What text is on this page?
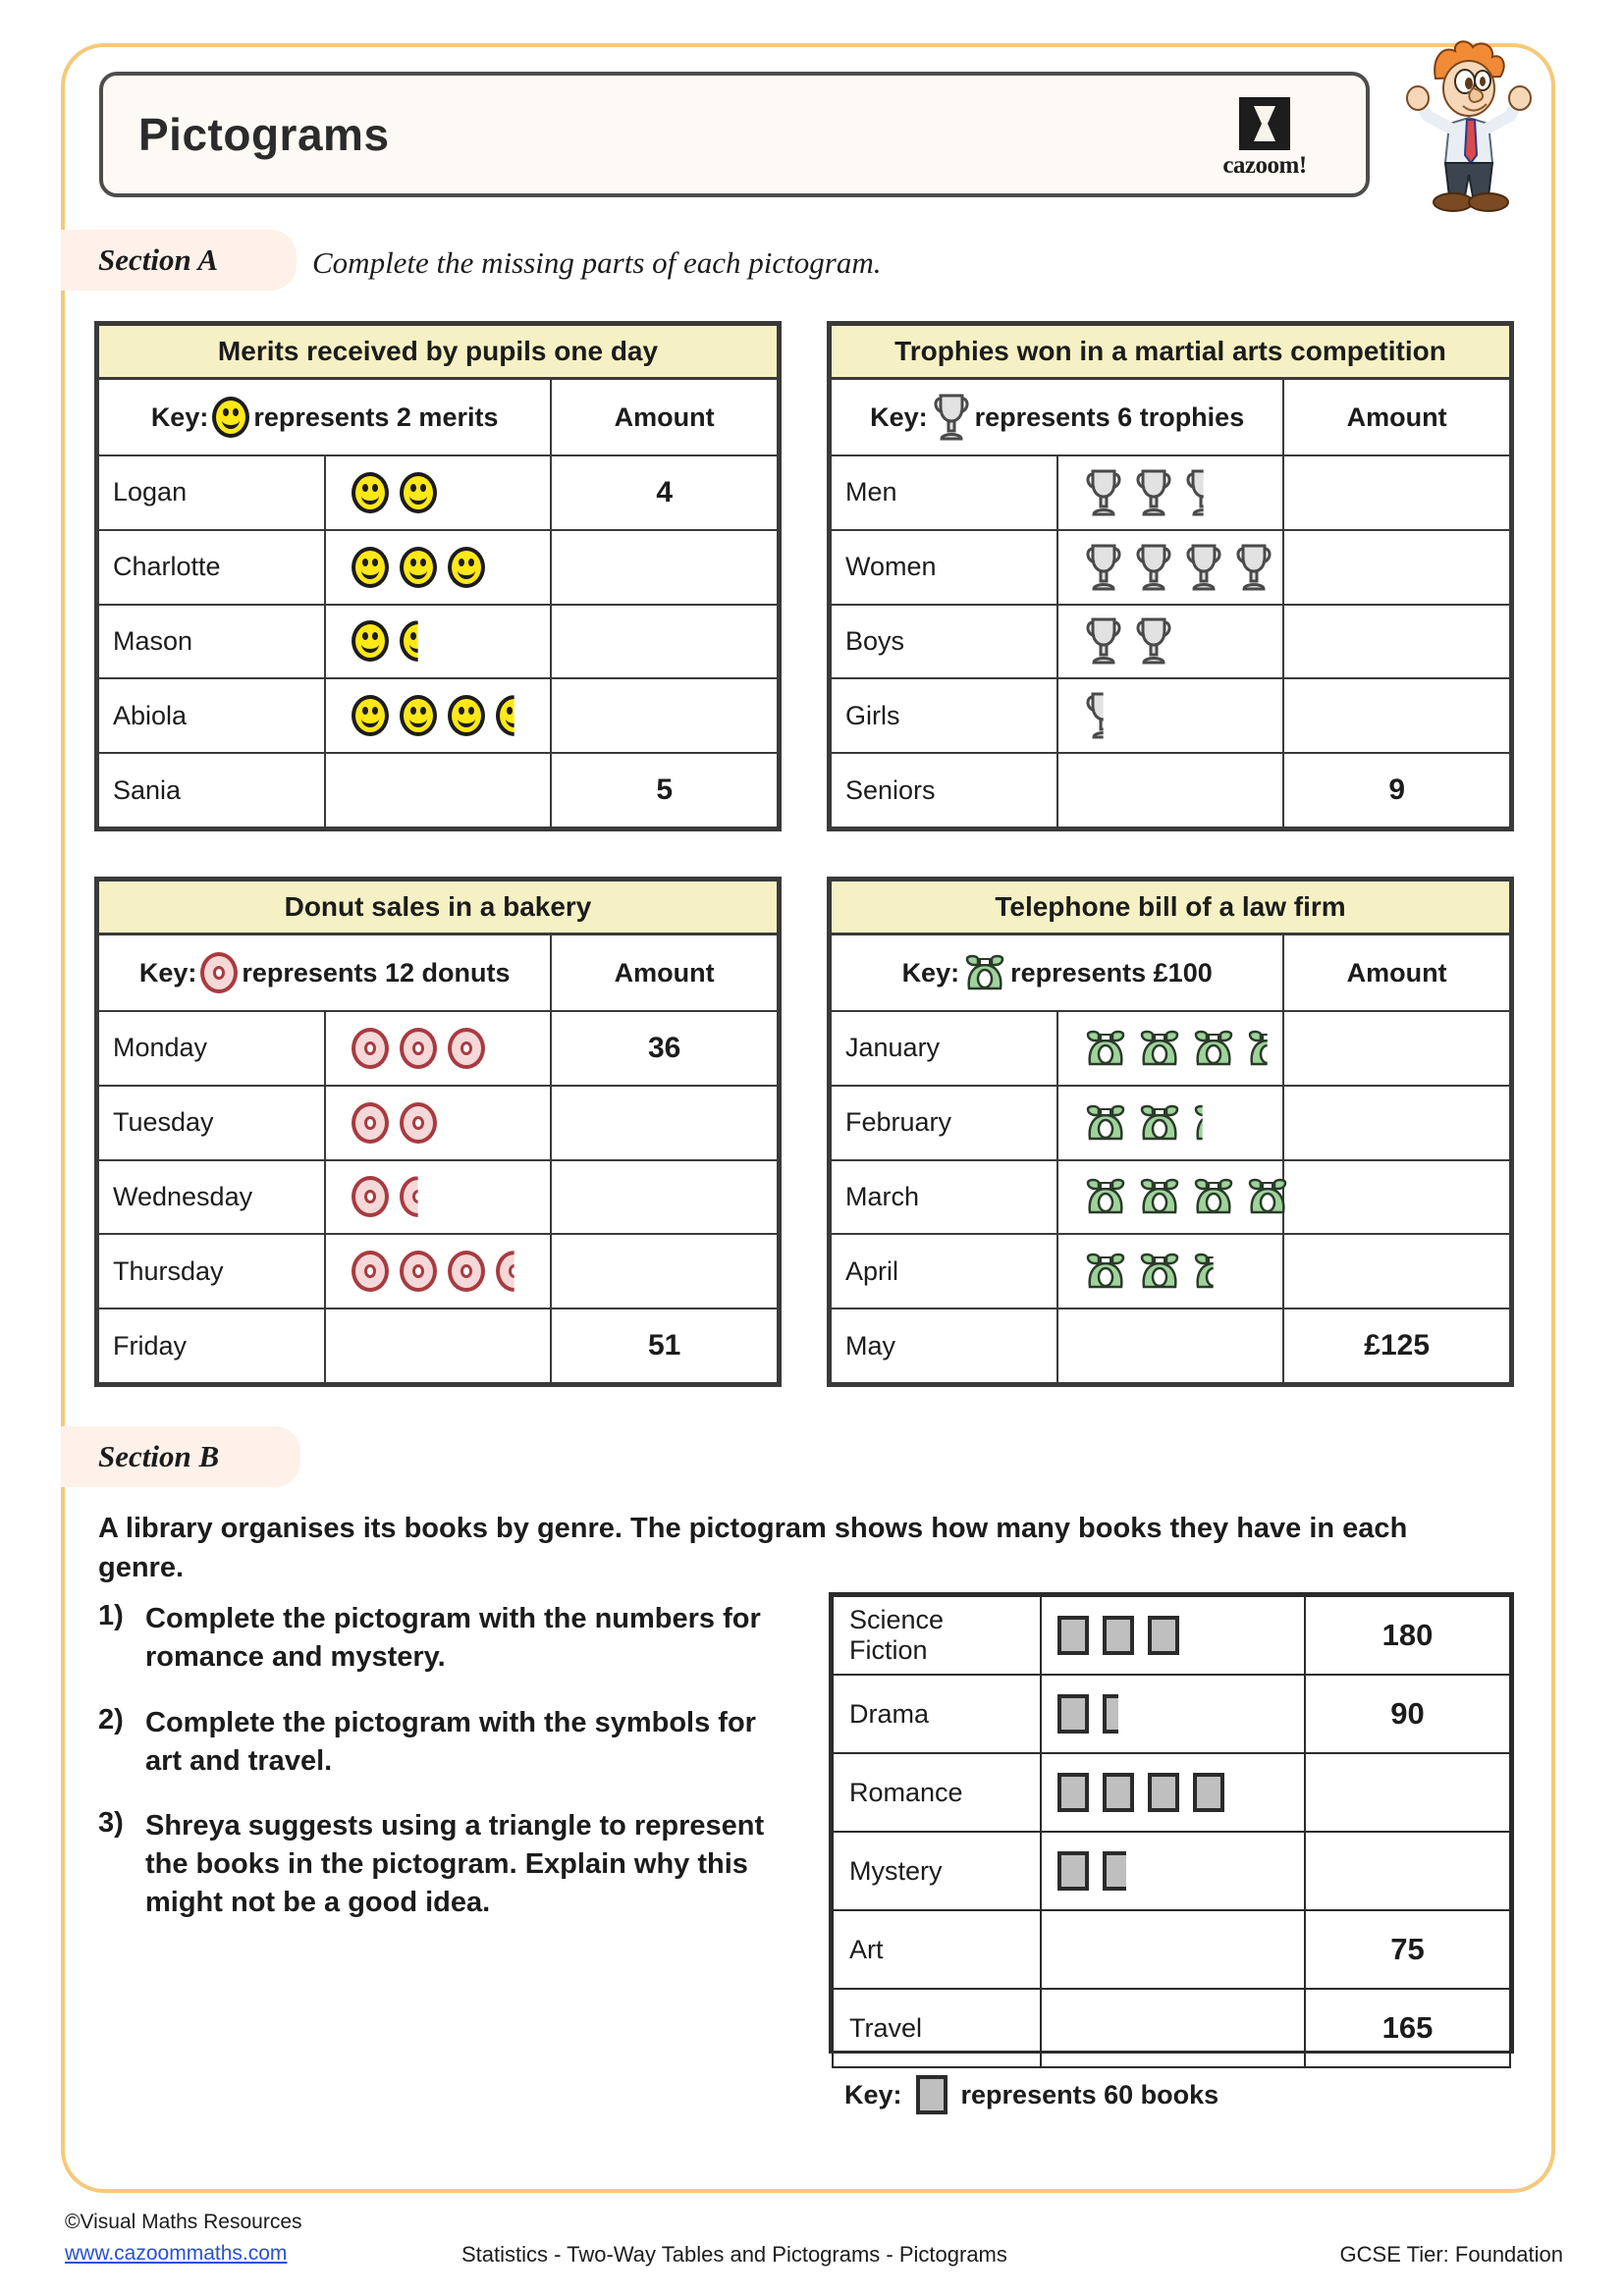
Pictograms
cazoom!
Section A	Complete the missing parts of each pictogram.
Merits received by pupils one day		

Key: represents 2 merits		Amount
Logan		4
Charlotte	

Mason	

Abiola	

Sania		5
Trophies won in a martial arts competition		

Key: represents 6 trophies		Amount
Men	

Women	

Boys	

Girls	

Seniors		9
Donut sales in a bakery		

Key: represents 12 donuts		Amount
Monday		36
Tuesday	

Wednesday	

Thursday	

Friday		51
Telephone bill of a law firm		

Key: represents £100		Amount
January	

February	

March	

April	

May		£125
Section B
A library organises its books by genre. The pictogram shows how many books they have in each genre.
1) Complete the pictogram with the numbers for romance and mystery.
2) Complete the pictogram with the symbols for art and travel.
3) Shreya suggests using a triangle to represent the books in the pictogram. Explain why this might not be a good idea.
Science Fiction		180
Drama		90
Romance	

Mystery	

Art		75
Travel		165
Key: represents 60 books
©Visual Maths Resources
www.cazoommaths.com	Statistics - Two-Way Tables and Pictograms - Pictograms	GCSE Tier: Foundation
